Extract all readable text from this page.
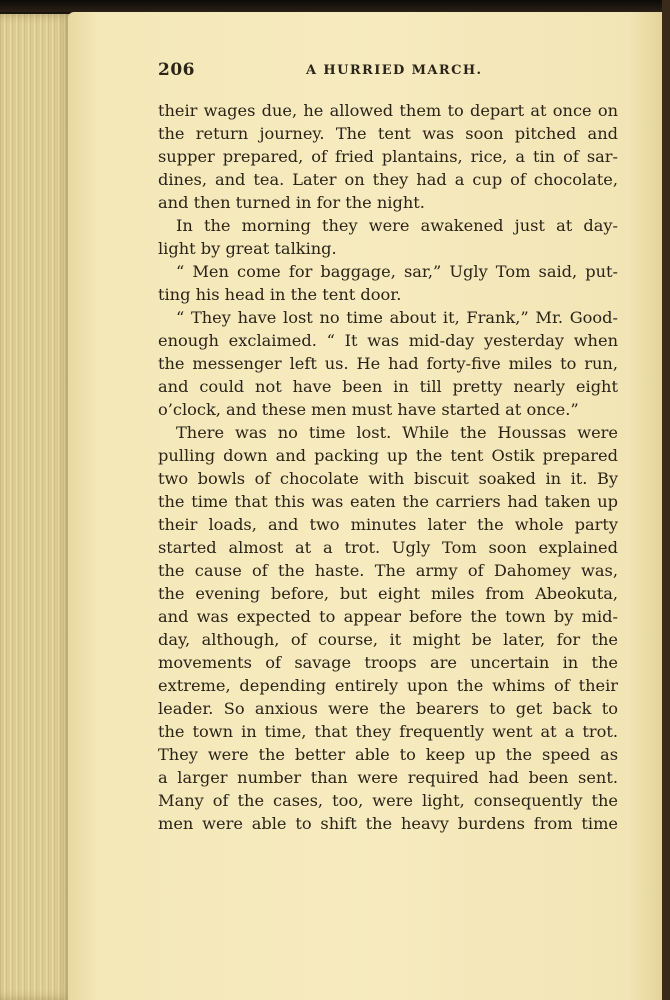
206	A HURRIED MARCH.
their wages due, he allowed them to depart at once on
the return journey. The tent was soon pitched and
supper prepared, of fried plantains, rice, a tin of sar-
dines, and tea. Later on they had a cup of chocolate,
and then turned in for the night.
In the morning they were awakened just at day-
light by great talking.
“ Men come for baggage, sar,” Ugly Tom said, put-
ting his head in the tent door.
“ They have lost no time about it, Frank,” Mr. Good-
enough exclaimed. “ It was mid-day yesterday when
the messenger left us. He had forty-five miles to run,
and could not have been in till pretty nearly eight
o’clock, and these men must have started at once.”
There was no time lost. While the Houssas were
pulling down and packing up the tent Ostik prepared
two bowls of chocolate with biscuit soaked in it. By
the time that this was eaten the carriers had taken up
their loads, and two minutes later the whole party
started almost at a trot. Ugly Tom soon explained
the cause of the haste. The army of Dahomey was,
the evening before, but eight miles from Abeokuta,
and was expected to appear before the town by mid-
day, although, of course, it might be later, for the
movements of savage troops are uncertain in the
extreme, depending entirely upon the whims of their
leader. So anxious were the bearers to get back to
the town in time, that they frequently went at a trot.
They were the better able to keep up the speed as
a larger number than were required had been sent.
Many of the cases, too, were light, consequently the
men were able to shift the heavy burdens from time
